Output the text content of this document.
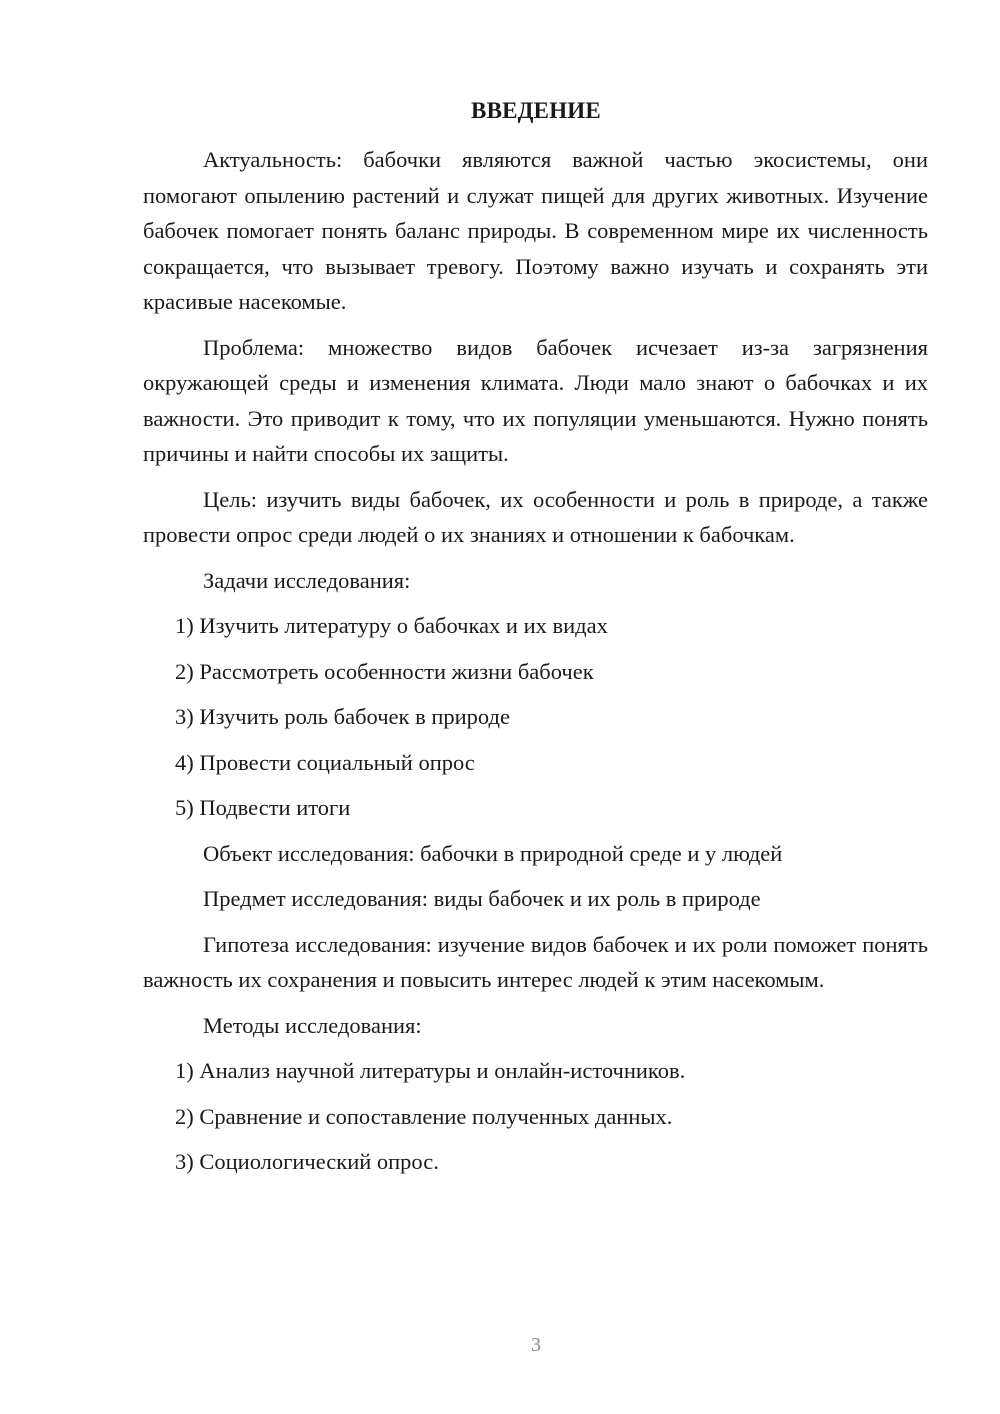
ВВЕДЕНИЕ

Актуальность: бабочки являются важной частью экосистемы, они помогают опылению растений и служат пищей для других животных. Изучение бабочек помогает понять баланс природы. В современном мире их численность сокращается, что вызывает тревогу. Поэтому важно изучать и сохранять эти красивые насекомые.

Проблема: множество видов бабочек исчезает из-за загрязнения окружающей среды и изменения климата. Люди мало знают о бабочках и их важности. Это приводит к тому, что их популяции уменьшаются. Нужно понять причины и найти способы их защиты.

Цель: изучить виды бабочек, их особенности и роль в природе, а также провести опрос среди людей о их знаниях и отношении к бабочкам.

Задачи исследования:

1) Изучить литературу о бабочках и их видах

2) Рассмотреть особенности жизни бабочек

3) Изучить роль бабочек в природе

4) Провести социальный опрос

5) Подвести итоги

Объект исследования: бабочки в природной среде и у людей

Предмет исследования: виды бабочек и их роль в природе

Гипотеза исследования: изучение видов бабочек и их роли поможет понять важность их сохранения и повысить интерес людей к этим насекомым.

Методы исследования:

1) Анализ научной литературы и онлайн-источников.

2) Сравнение и сопоставление полученных данных.

3) Социологический опрос.

3
